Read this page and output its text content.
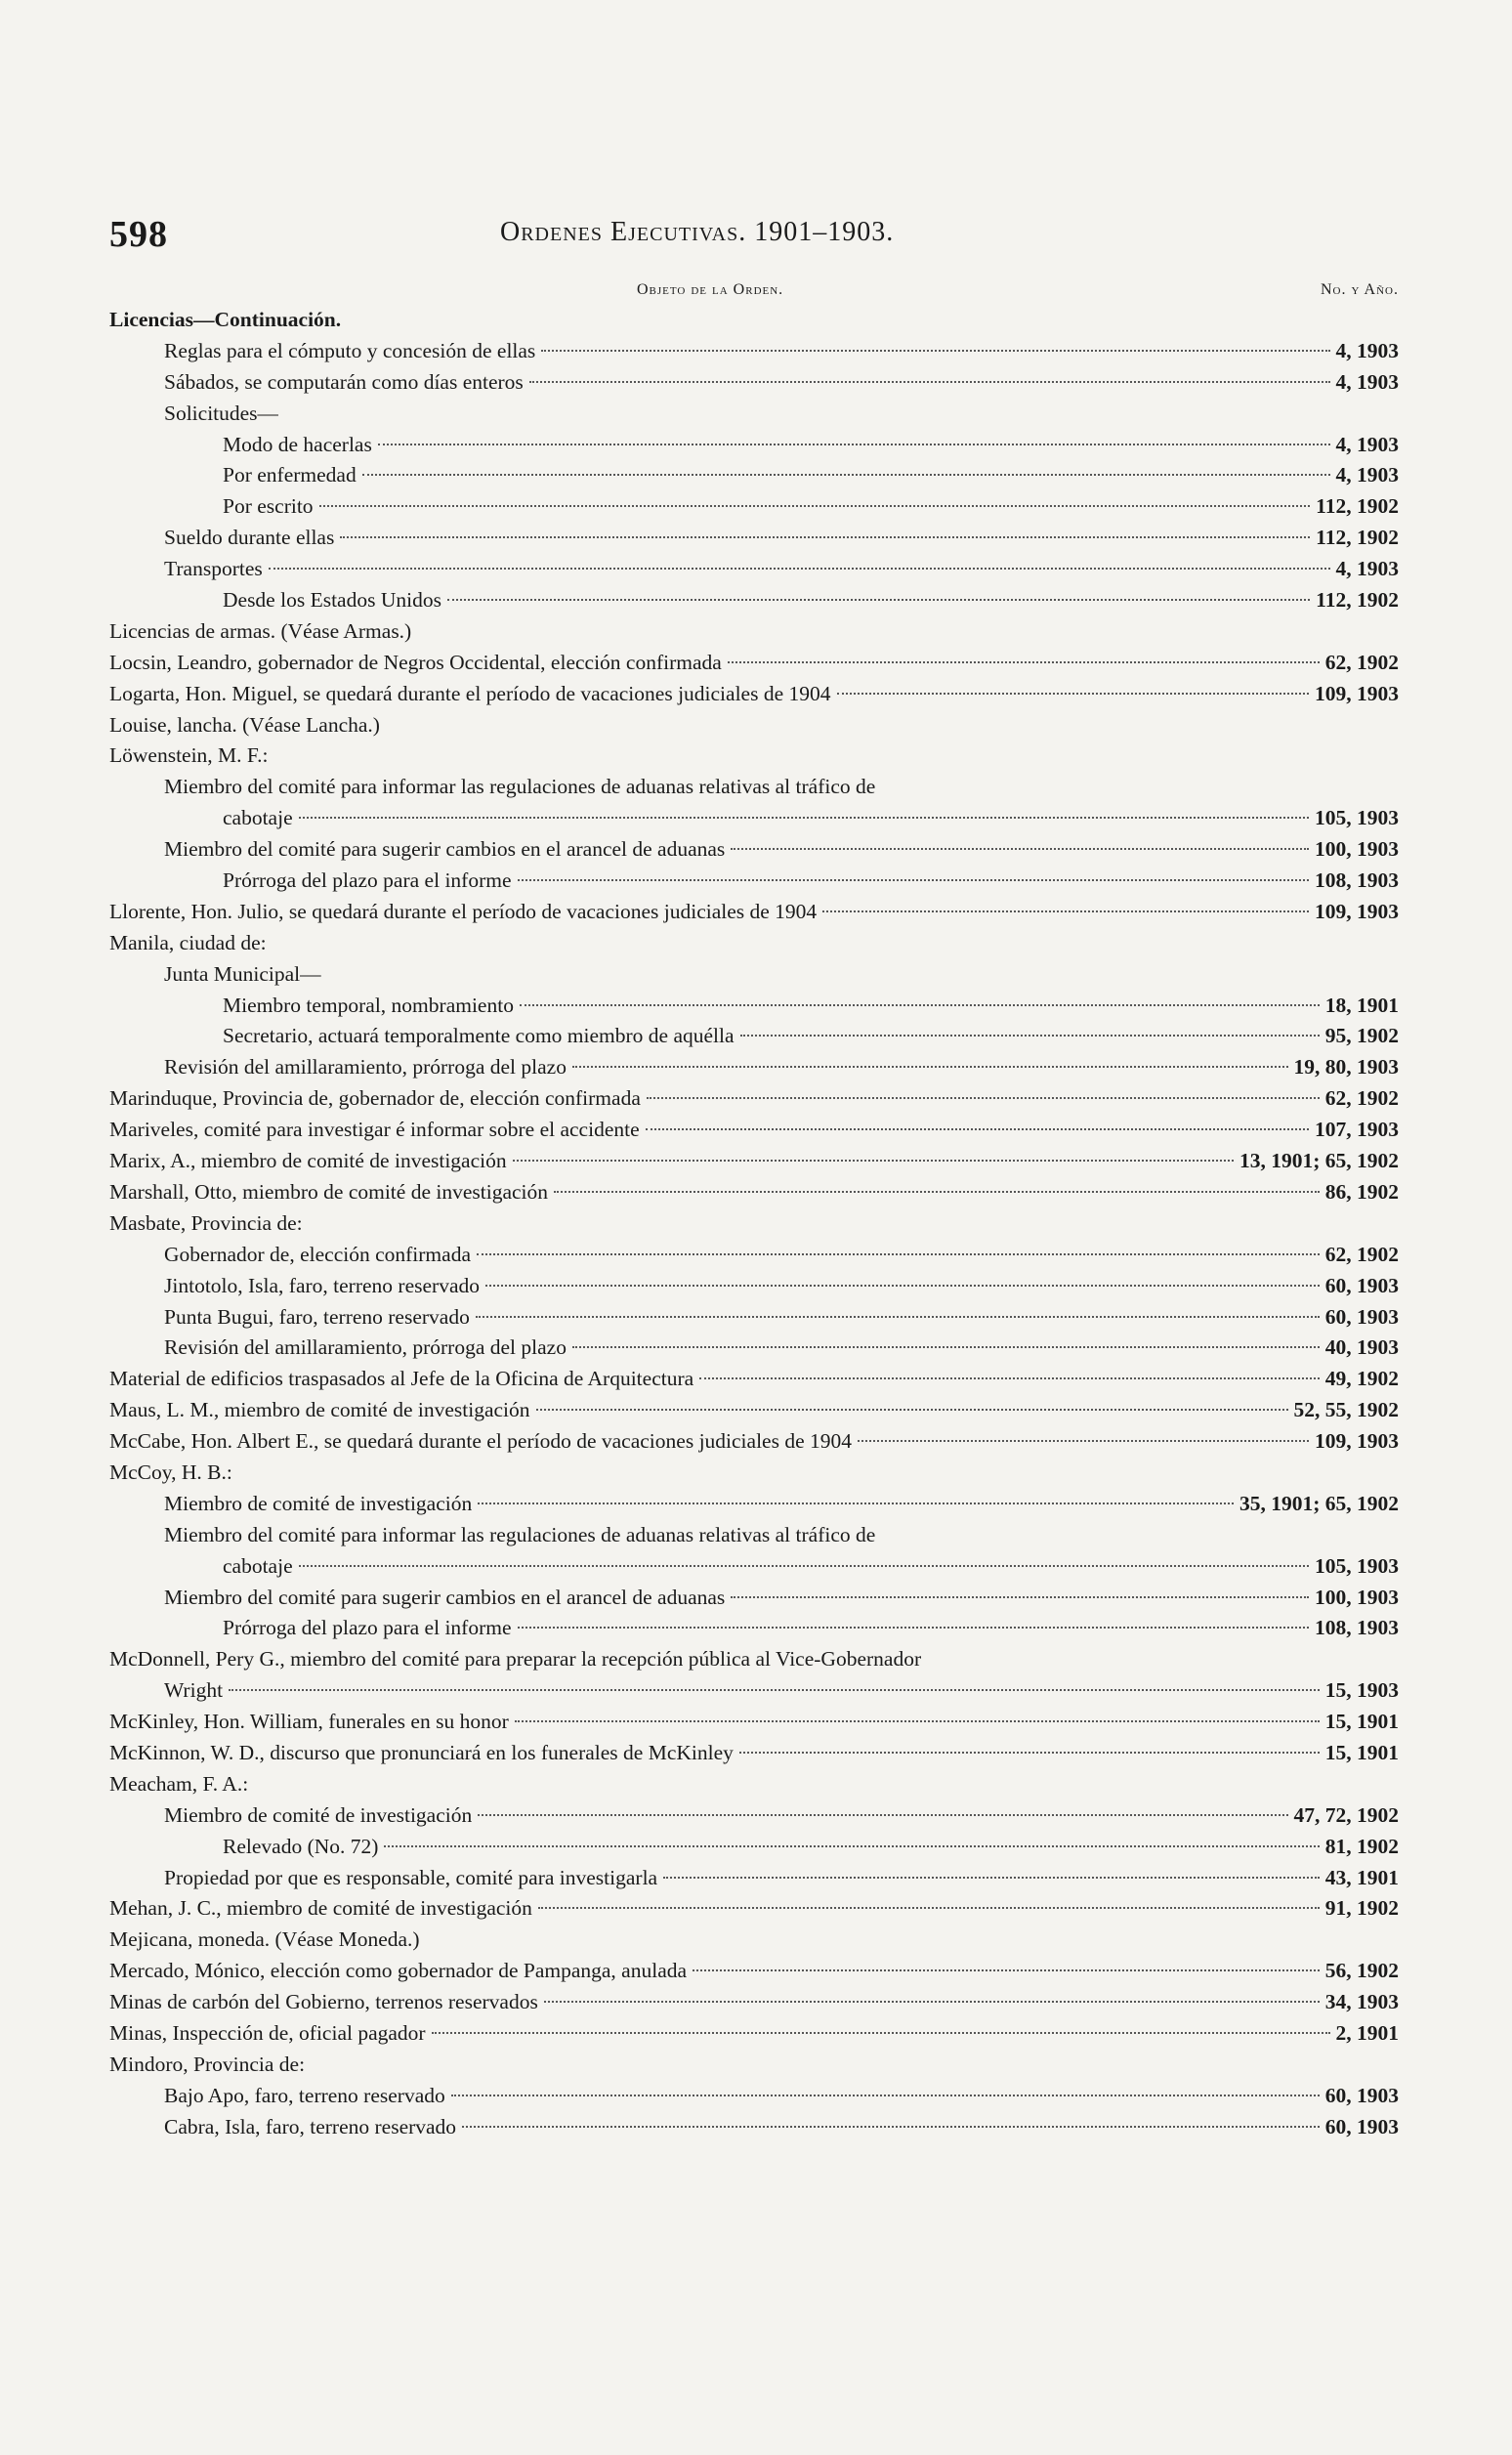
598	Ordenes Ejecutivas. 1901–1903.
Objeto de la Orden.	No. y Año.
Licencias—Continuación.
Reglas para el cómputo y concesión de ellas	4, 1903
Sábados, se computarán como días enteros	4, 1903
Solicitudes—
Modo de hacerlas	4, 1903
Por enfermedad	4, 1903
Por escrito	112, 1902
Sueldo durante ellas	112, 1902
Transportes	4, 1903
Desde los Estados Unidos	112, 1902
Licencias de armas. (Véase Armas.)
Locsin, Leandro, gobernador de Negros Occidental, elección confirmada	62, 1902
Logarta, Hon. Miguel, se quedará durante el período de vacaciones judiciales de 1904	109, 1903
Louise, lancha. (Véase Lancha.)
Löwenstein, M. F.:
Miembro del comité para informar las regulaciones de aduanas relativas al tráfico de
cabotaje	105, 1903
Miembro del comité para sugerir cambios en el arancel de aduanas	100, 1903
Prórroga del plazo para el informe	108, 1903
Llorente, Hon. Julio, se quedará durante el período de vacaciones judiciales de 1904	109, 1903
Manila, ciudad de:
Junta Municipal—
Miembro temporal, nombramiento	18, 1901
Secretario, actuará temporalmente como miembro de aquélla	95, 1902
Revisión del amillaramiento, prórroga del plazo	19, 80, 1903
Marinduque, Provincia de, gobernador de, elección confirmada	62, 1902
Mariveles, comité para investigar é informar sobre el accidente	107, 1903
Marix, A., miembro de comité de investigación	13, 1901; 65, 1902
Marshall, Otto, miembro de comité de investigación	86, 1902
Masbate, Provincia de:
Gobernador de, elección confirmada	62, 1902
Jintotolo, Isla, faro, terreno reservado	60, 1903
Punta Bugui, faro, terreno reservado	60, 1903
Revisión del amillaramiento, prórroga del plazo	40, 1903
Material de edificios traspasados al Jefe de la Oficina de Arquitectura	49, 1902
Maus, L. M., miembro de comité de investigación	52, 55, 1902
McCabe, Hon. Albert E., se quedará durante el período de vacaciones judiciales de 1904	109, 1903
McCoy, H. B.:
Miembro de comité de investigación	35, 1901; 65, 1902
Miembro del comité para informar las regulaciones de aduanas relativas al tráfico de
cabotaje	105, 1903
Miembro del comité para sugerir cambios en el arancel de aduanas	100, 1903
Prórroga del plazo para el informe	108, 1903
McDonnell, Pery G., miembro del comité para preparar la recepción pública al Vice-Gobernador
Wright	15, 1903
McKinley, Hon. William, funerales en su honor	15, 1901
McKinnon, W. D., discurso que pronunciará en los funerales de McKinley	15, 1901
Meacham, F. A.:
Miembro de comité de investigación	47, 72, 1902
Relevado (No. 72)	81, 1902
Propiedad por que es responsable, comité para investigarla	43, 1901
Mehan, J. C., miembro de comité de investigación	91, 1902
Mejicana, moneda. (Véase Moneda.)
Mercado, Mónico, elección como gobernador de Pampanga, anulada	56, 1902
Minas de carbón del Gobierno, terrenos reservados	34, 1903
Minas, Inspección de, oficial pagador	2, 1901
Mindoro, Provincia de:
Bajo Apo, faro, terreno reservado	60, 1903
Cabra, Isla, faro, terreno reservado	60, 1903
